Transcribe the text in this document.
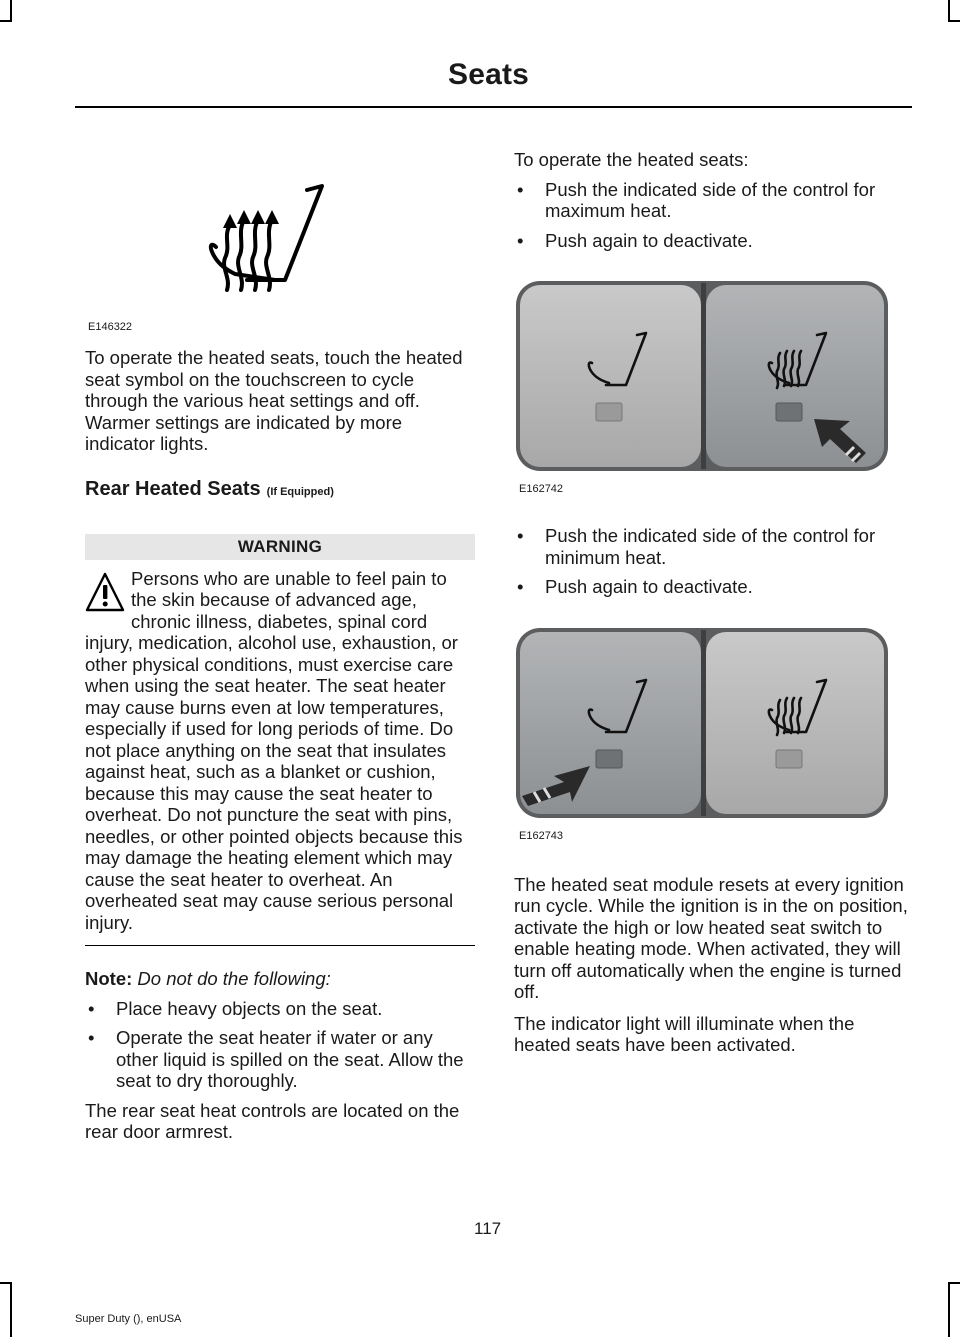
Seats

E146322

To operate the heated seats, touch the heated seat symbol on the touchscreen to cycle through the various heat settings and off. Warmer settings are indicated by more indicator lights.

Rear Heated Seats (If Equipped)
WARNING
Persons who are unable to feel pain to the skin because of advanced age, chronic illness, diabetes, spinal cord injury, medication, alcohol use, exhaustion, or other physical conditions, must exercise care when using the seat heater. The seat heater may cause burns even at low temperatures, especially if used for long periods of time. Do not place anything on the seat that insulates against heat, such as a blanket or cushion, because this may cause the seat heater to overheat. Do not puncture the seat with pins, needles, or other pointed objects because this may damage the heating element which may cause the seat heater to overheat. An overheated seat may cause serious personal injury.

Note: Do not do the following:

• Place heavy objects on the seat.
• Operate the seat heater if water or any other liquid is spilled on the seat. Allow the seat to dry thoroughly.

The rear seat heat controls are located on the rear door armrest.

To operate the heated seats:

• Push the indicated side of the control for maximum heat.
• Push again to deactivate.

E162742

• Push the indicated side of the control for minimum heat.
• Push again to deactivate.

E162743

The heated seat module resets at every ignition run cycle. While the ignition is in the on position, activate the high or low heated seat switch to enable heating mode. When activated, they will turn off automatically when the engine is turned off.

The indicator light will illuminate when the heated seats have been activated.

117
Super Duty (), enUSA
